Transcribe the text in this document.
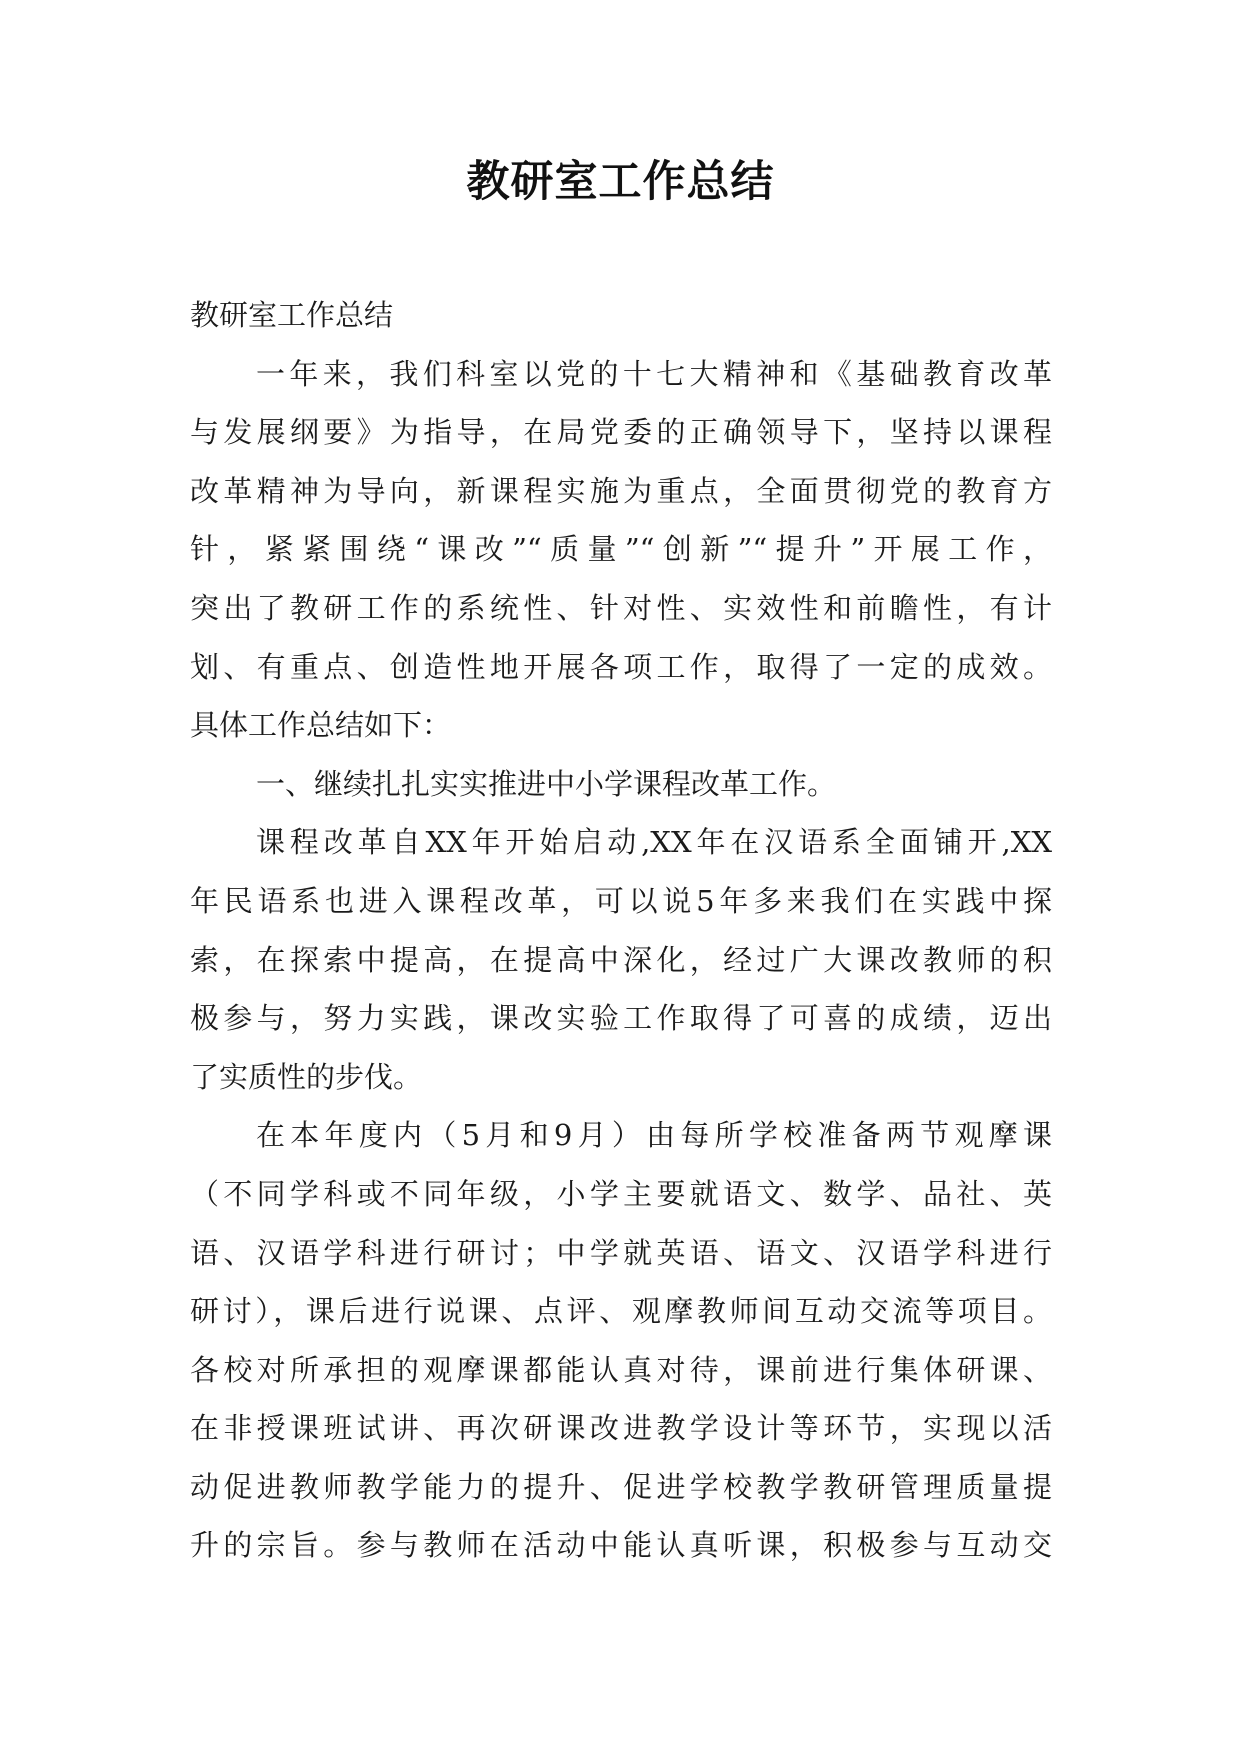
教研室工作总结
教研室工作总结
一年来，我们科室以党的十七大精神和《基础教育改革
与发展纲要》为指导，在局党委的正确领导下，坚持以课程
改革精神为导向，新课程实施为重点，全面贯彻党的教育方
针，紧紧围绕“课改”“质量”“创新”“提升”开展工作，
突出了教研工作的系统性、针对性、实效性和前瞻性，有计
划、有重点、创造性地开展各项工作，取得了一定的成效。
具体工作总结如下：
一、继续扎扎实实推进中小学课程改革工作。
课程改革自XX年开始启动,XX年在汉语系全面铺开,XX
年民语系也进入课程改革，可以说5年多来我们在实践中探
索，在探索中提高，在提高中深化，经过广大课改教师的积
极参与，努力实践，课改实验工作取得了可喜的成绩，迈出
了实质性的步伐。
在本年度内（5月和9月）由每所学校准备两节观摩课
（不同学科或不同年级，小学主要就语文、数学、品社、英
语、汉语学科进行研讨；中学就英语、语文、汉语学科进行
研讨），课后进行说课、点评、观摩教师间互动交流等项目。
各校对所承担的观摩课都能认真对待，课前进行集体研课、
在非授课班试讲、再次研课改进教学设计等环节，实现以活
动促进教师教学能力的提升、促进学校教学教研管理质量提
升的宗旨。参与教师在活动中能认真听课，积极参与互动交
